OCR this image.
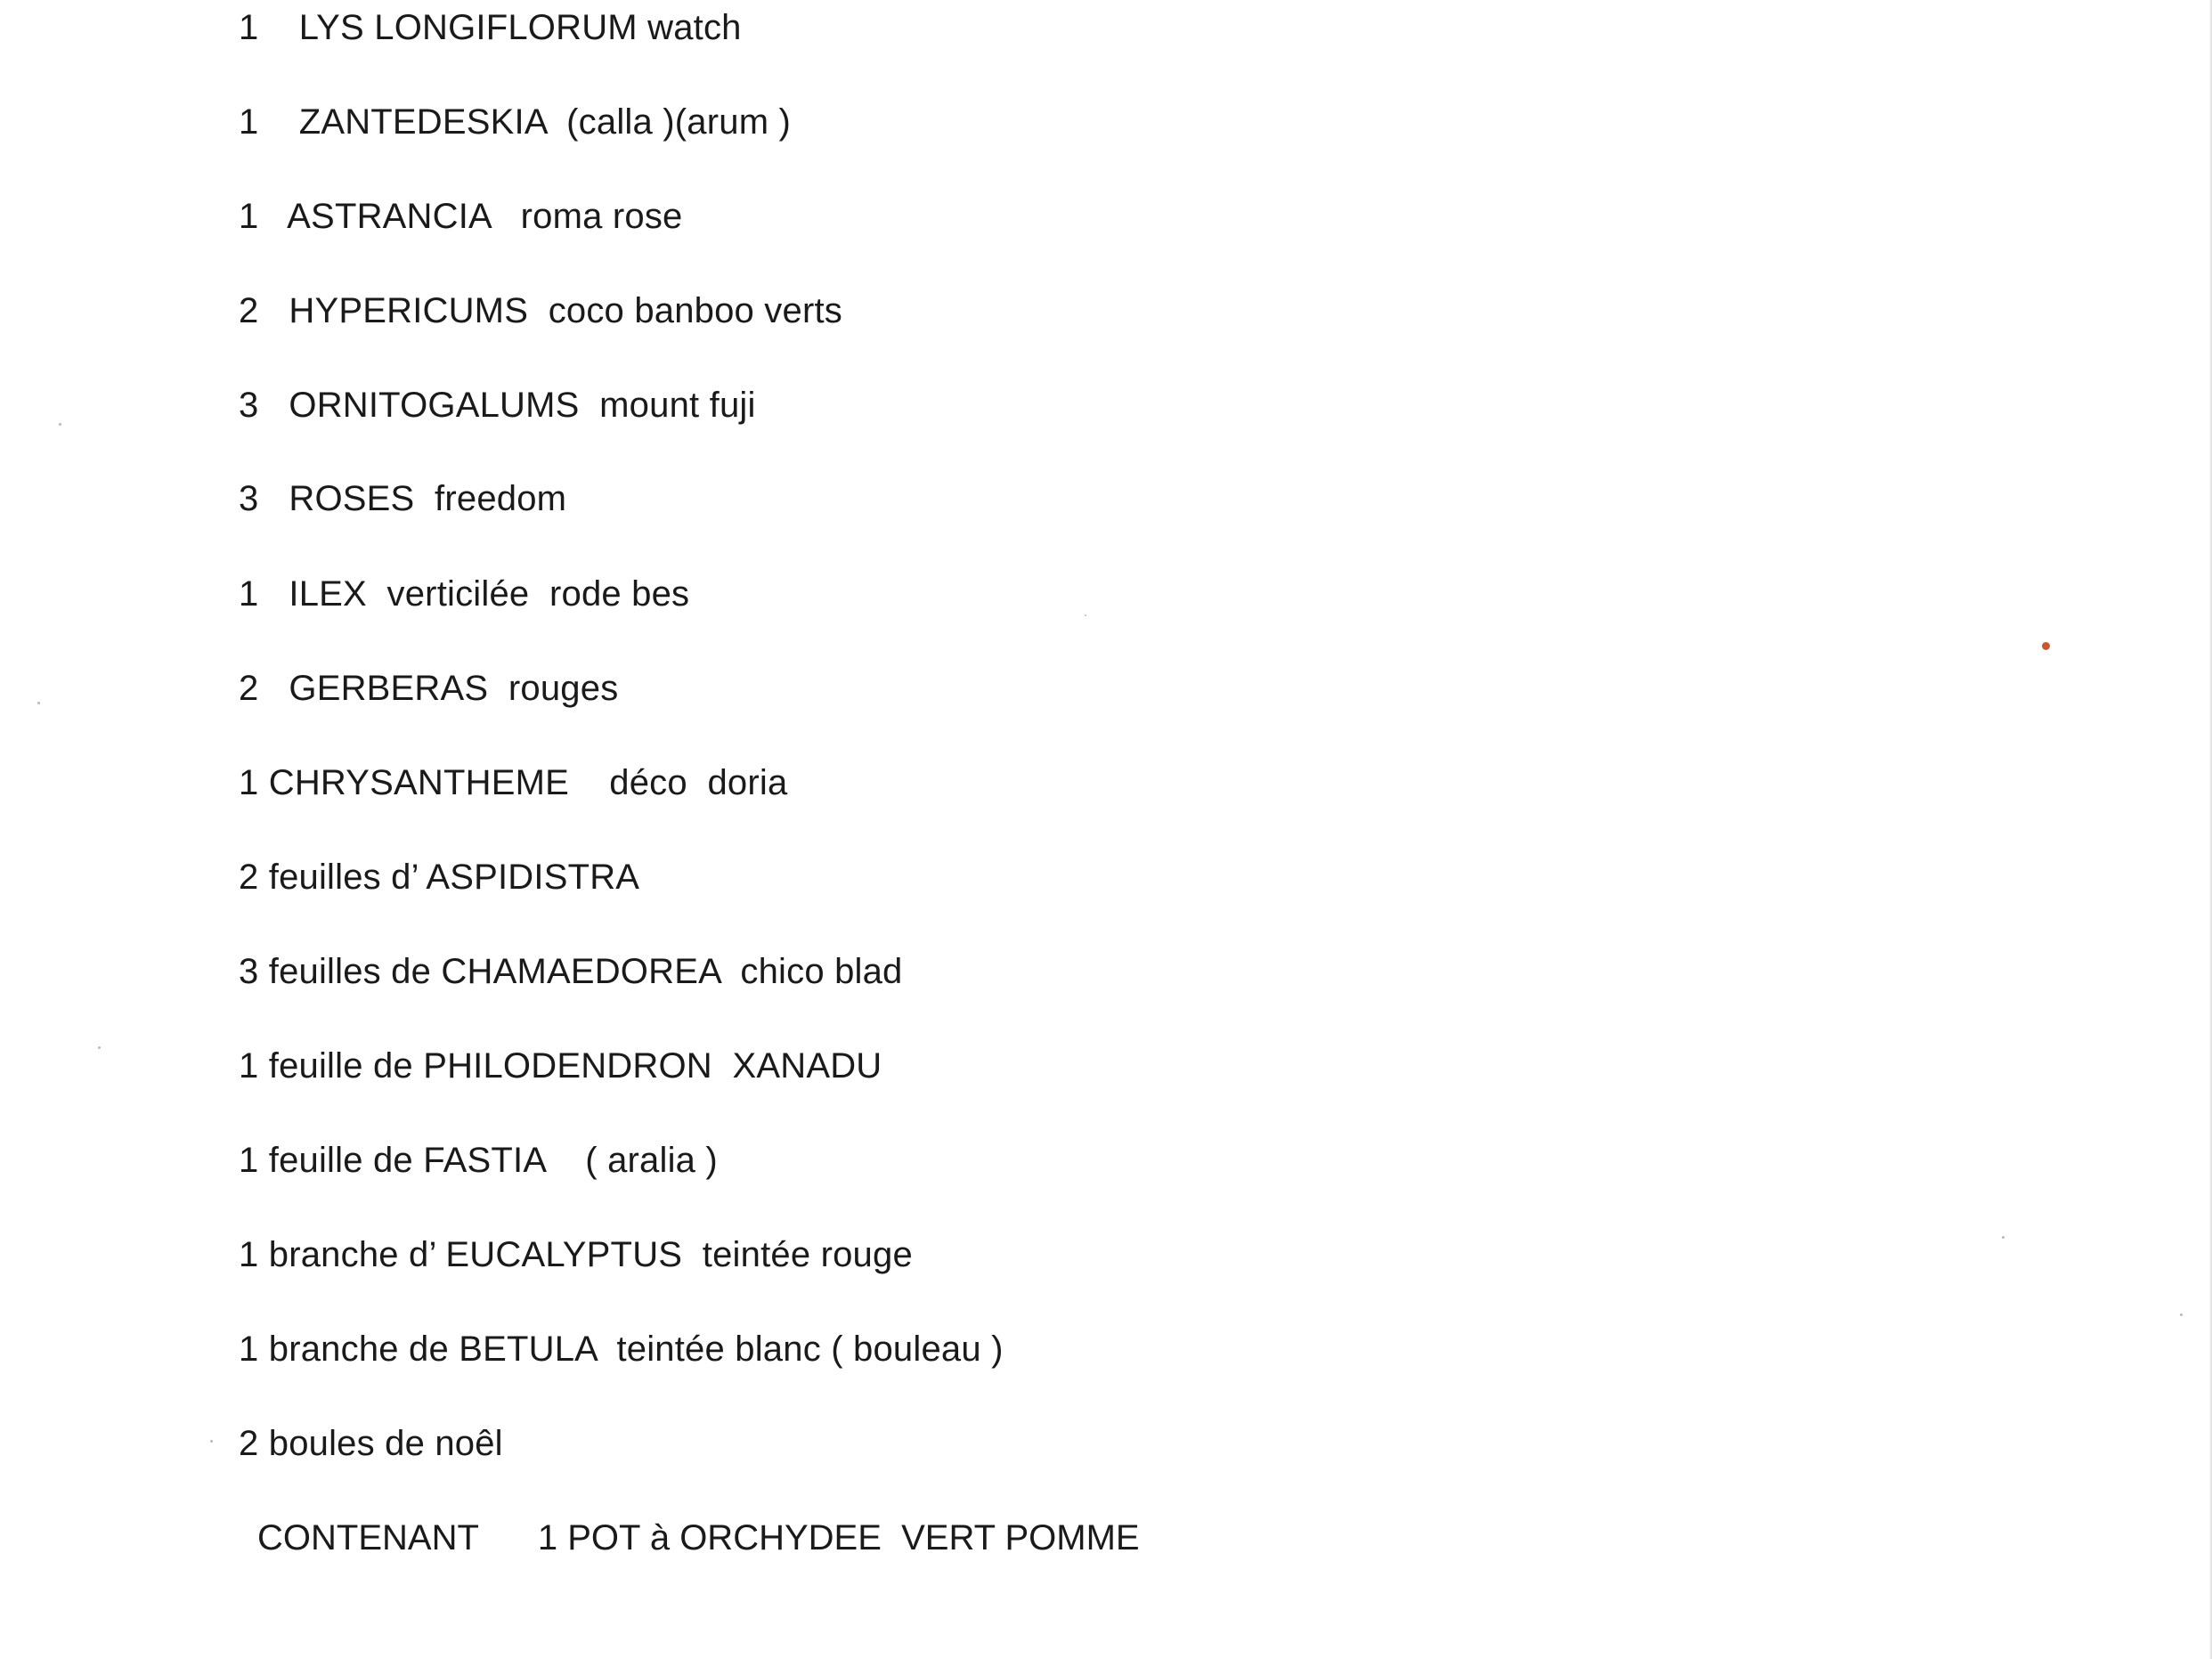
1    LYS LONGIFLORUM watch
1    ZANTEDESKIA  (calla )(arum )
1   ASTRANCIA   roma rose
2   HYPERICUMS  coco banboo verts
3   ORNITOGALUMS  mount fuji
3   ROSES  freedom
1   ILEX  verticilée  rode bes
2   GERBERAS  rouges
1 CHRYSANTHEME    déco  doria
2 feuilles d’ ASPIDISTRA
3 feuilles de CHAMAEDOREA  chico blad
1 feuille de PHILODENDRON  XANADU
1 feuille de FASTIA    ( aralia )
1 branche d’ EUCALYPTUS  teintée rouge
1 branche de BETULA  teintée blanc ( bouleau )
2 boules de noêl
CONTENANT 1 POT à ORCHYDEE  VERT POMME
